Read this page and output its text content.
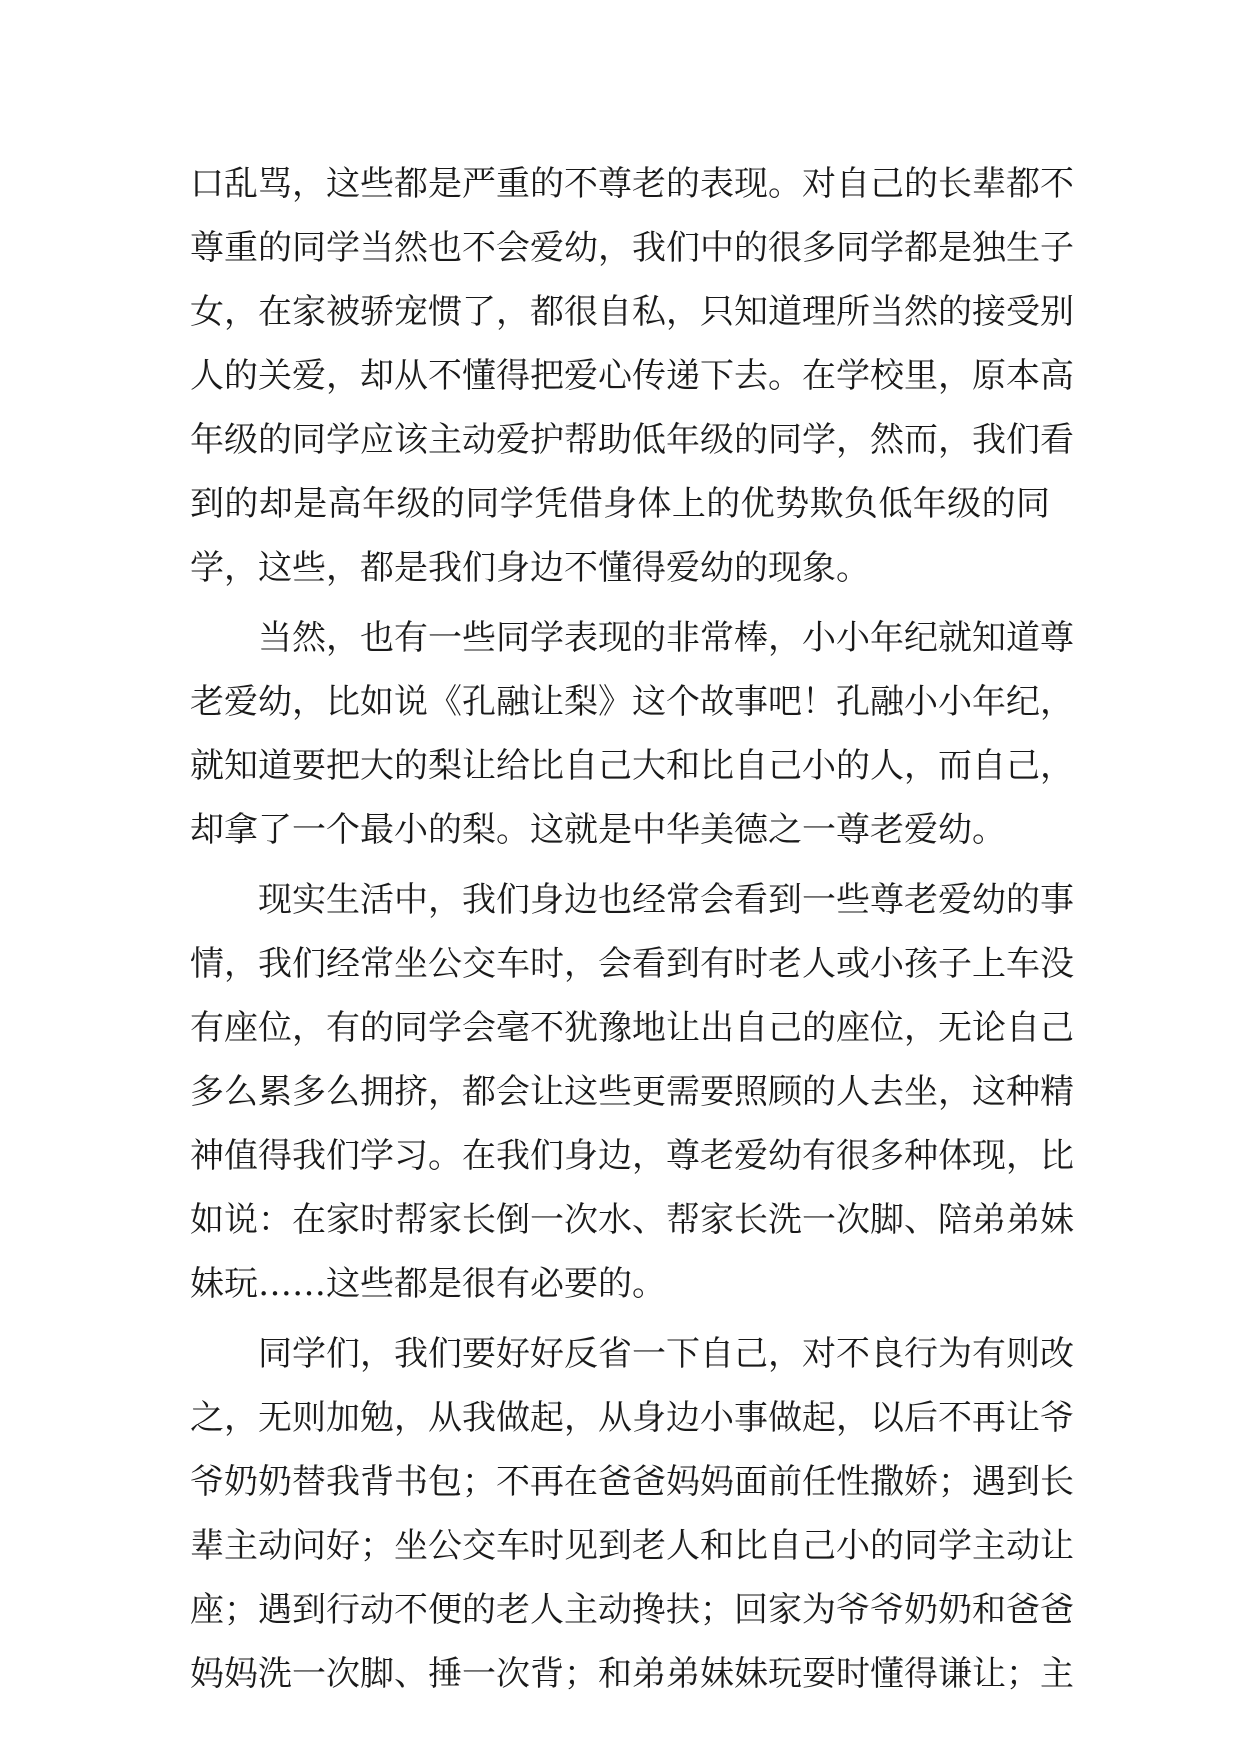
口乱骂，这些都是严重的不尊老的表现。对自己的长辈都不
尊重的同学当然也不会爱幼，我们中的很多同学都是独生子
女，在家被骄宠惯了，都很自私，只知道理所当然的接受别
人的关爱，却从不懂得把爱心传递下去。在学校里，原本高
年级的同学应该主动爱护帮助低年级的同学，然而，我们看
到的却是高年级的同学凭借身体上的优势欺负低年级的同
学，这些，都是我们身边不懂得爱幼的现象。
当然，也有一些同学表现的非常棒，小小年纪就知道尊
老爱幼，比如说《孔融让梨》这个故事吧！孔融小小年纪，
就知道要把大的梨让给比自己大和比自己小的人，而自己，
却拿了一个最小的梨。这就是中华美德之一尊老爱幼。
现实生活中，我们身边也经常会看到一些尊老爱幼的事
情，我们经常坐公交车时，会看到有时老人或小孩子上车没
有座位，有的同学会毫不犹豫地让出自己的座位，无论自己
多么累多么拥挤，都会让这些更需要照顾的人去坐，这种精
神值得我们学习。在我们身边，尊老爱幼有很多种体现，比
如说：在家时帮家长倒一次水、帮家长洗一次脚、陪弟弟妹
妹玩……这些都是很有必要的。
同学们，我们要好好反省一下自己，对不良行为有则改
之，无则加勉，从我做起，从身边小事做起，以后不再让爷
爷奶奶替我背书包；不再在爸爸妈妈面前任性撒娇；遇到长
辈主动问好；坐公交车时见到老人和比自己小的同学主动让
座；遇到行动不便的老人主动搀扶；回家为爷爷奶奶和爸爸
妈妈洗一次脚、捶一次背；和弟弟妹妹玩耍时懂得谦让；主
